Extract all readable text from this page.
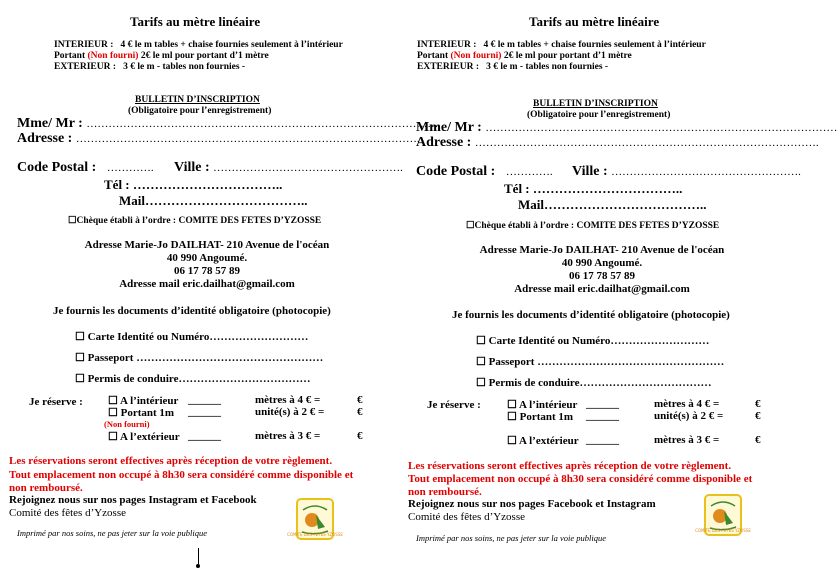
Tarifs au mètre linéaire
INTERIEUR : 4 € le m tables + chaise fournies seulement à l’intérieur
Portant (Non fourni) 2€ le ml pour portant d’1 mètre
EXTERIEUR : 3 € le m - tables non fournies -
BULLETIN D’INSCRIPTION
(Obligatoire pour l’enregistrement)
Mme/ Mr : ……………………………………………………………………………………
Adresse : ………………………………………………………………………………….
Code Postal : …………. Ville : …………………………………………….
Tél : ……………………………..
Mail………………………………..
☐Chèque établi à l’ordre : COMITE DES FETES D’YZOSSE
Adresse Marie-Jo DAILHAT- 210 Avenue de l'océan
40 990 Angoumé.
06 17 78 57 89
Adresse mail eric.dailhat@gmail.com
Je fournis les documents d’identité obligatoire (photocopie)
☐ Carte Identité ou Numéro………………………
☐ Passeport ……………………………………………
☐ Permis de conduire………………………………
Je réserve : ☐ A l’intérieur ______	mètres à 4 € =	€
☐ Portant 1m ______	unité(s) à 2 € =	€
(Non fourni)
☐ A l’extérieur ______	mètres à 3 € =	€
Les réservations seront effectives après réception de votre règlement.
Tout emplacement non occupé à 8h30 sera considéré comme disponible et
non remboursé.
Rejoignez nous sur nos pages Instagram et Facebook
Comité des fêtes d’Yzosse
Imprimé par nos soins, ne pas jeter sur la voie publique	COMITE DES FETES YZOSSE
Tarifs au mètre linéaire
INTERIEUR : 4 € le m tables + chaise fournies seulement à l’intérieur
Portant (Non fourni) 2€ le ml pour portant d’1 mètre
EXTERIEUR : 3 € le m - tables non fournies -
BULLETIN D’INSCRIPTION
(Obligatoire pour l’enregistrement)
Mme/ Mr : ……………………………………………………………………………………
Adresse : ………………………………………………………………………………….
Code Postal : …………. Ville : …………………………………………….
Tél : ……………………………..
Mail………………………………..
☐Chèque établi à l’ordre : COMITE DES FETES D’YZOSSE
Adresse Marie-Jo DAILHAT- 210 Avenue de l'océan
40 990 Angoumé.
06 17 78 57 89
Adresse mail eric.dailhat@gmail.com
Je fournis les documents d’identité obligatoire (photocopie)
☐ Carte Identité ou Numéro………………………
☐ Passeport ……………………………………………
☐ Permis de conduire………………………………
Je réserve : ☐ A l’intérieur ______	mètres à 4 € =	€
☐ Portant 1m ______	unité(s) à 2 € =	€
☐ A l’extérieur ______	mètres à 3 € =	€
Les réservations seront effectives après réception de votre règlement.
Tout emplacement non occupé à 8h30 sera considéré comme disponible et
non remboursé.
Rejoignez nous sur nos pages Facebook et Instagram
Comité des fêtes d’Yzosse
Imprimé par nos soins, ne pas jeter sur la voie publique
COMITE DES FETES YZOSSE
